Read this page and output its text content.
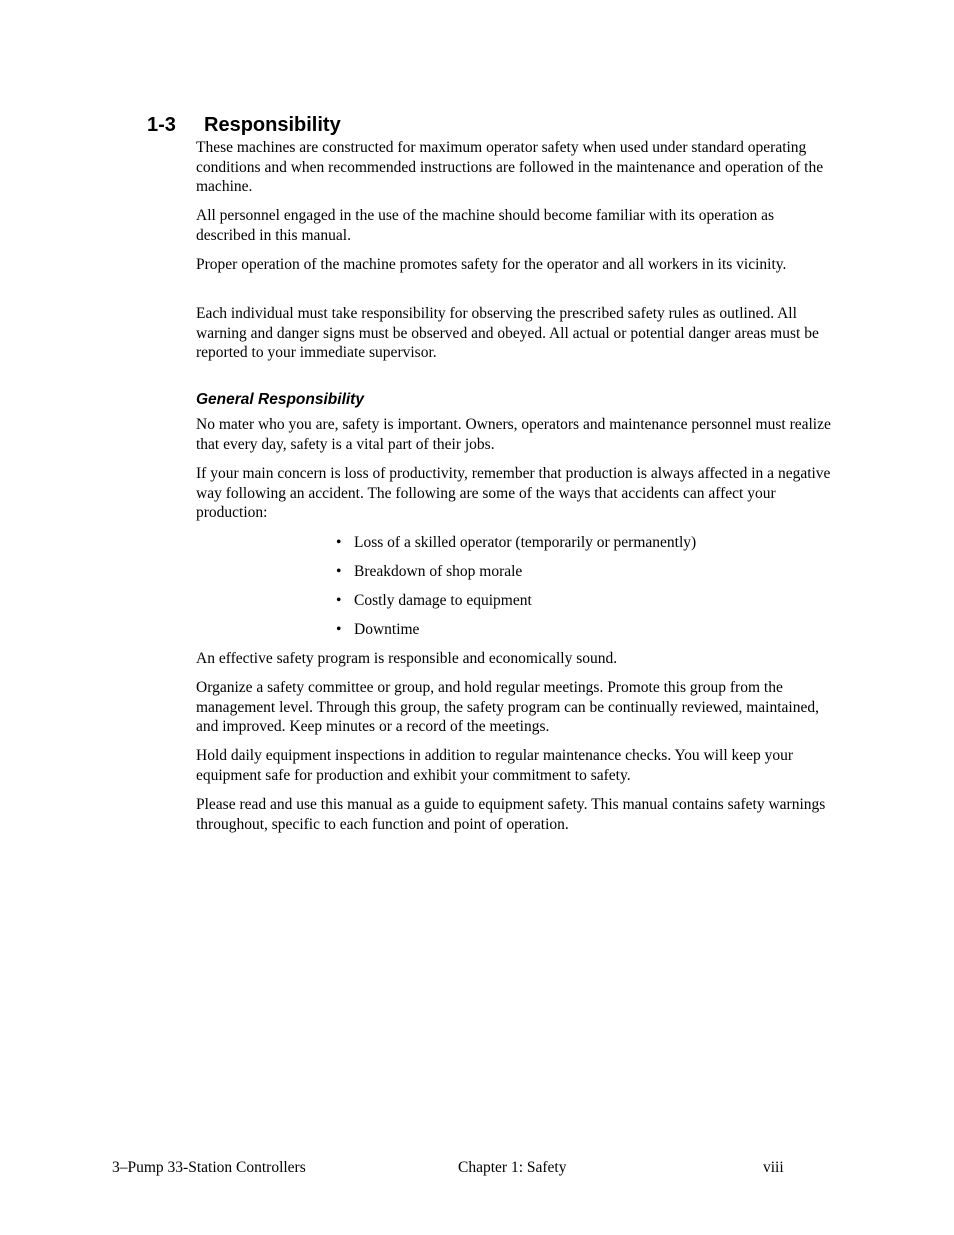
1-3 Responsibility

These machines are constructed for maximum operator safety when used under standard operating conditions and when recommended instructions are followed in the maintenance and operation of the machine.

All personnel engaged in the use of the machine should become familiar with its operation as described in this manual.

Proper operation of the machine promotes safety for the operator and all workers in its vicinity.

Each individual must take responsibility for observing the prescribed safety rules as outlined. All warning and danger signs must be observed and obeyed. All actual or potential danger areas must be reported to your immediate supervisor.

General Responsibility

No mater who you are, safety is important. Owners, operators and maintenance personnel must realize that every day, safety is a vital part of their jobs.

If your main concern is loss of productivity, remember that production is always affected in a negative way following an accident. The following are some of the ways that accidents can affect your production:

• Loss of a skilled operator (temporarily or permanently)
• Breakdown of shop morale
• Costly damage to equipment
• Downtime

An effective safety program is responsible and economically sound.

Organize a safety committee or group, and hold regular meetings. Promote this group from the management level. Through this group, the safety program can be continually reviewed, maintained, and improved. Keep minutes or a record of the meetings.

Hold daily equipment inspections in addition to regular maintenance checks. You will keep your equipment safe for production and exhibit your commitment to safety.

Please read and use this manual as a guide to equipment safety. This manual contains safety warnings throughout, specific to each function and point of operation.

3–Pump 33-Station Controllers	Chapter 1: Safety	viii
